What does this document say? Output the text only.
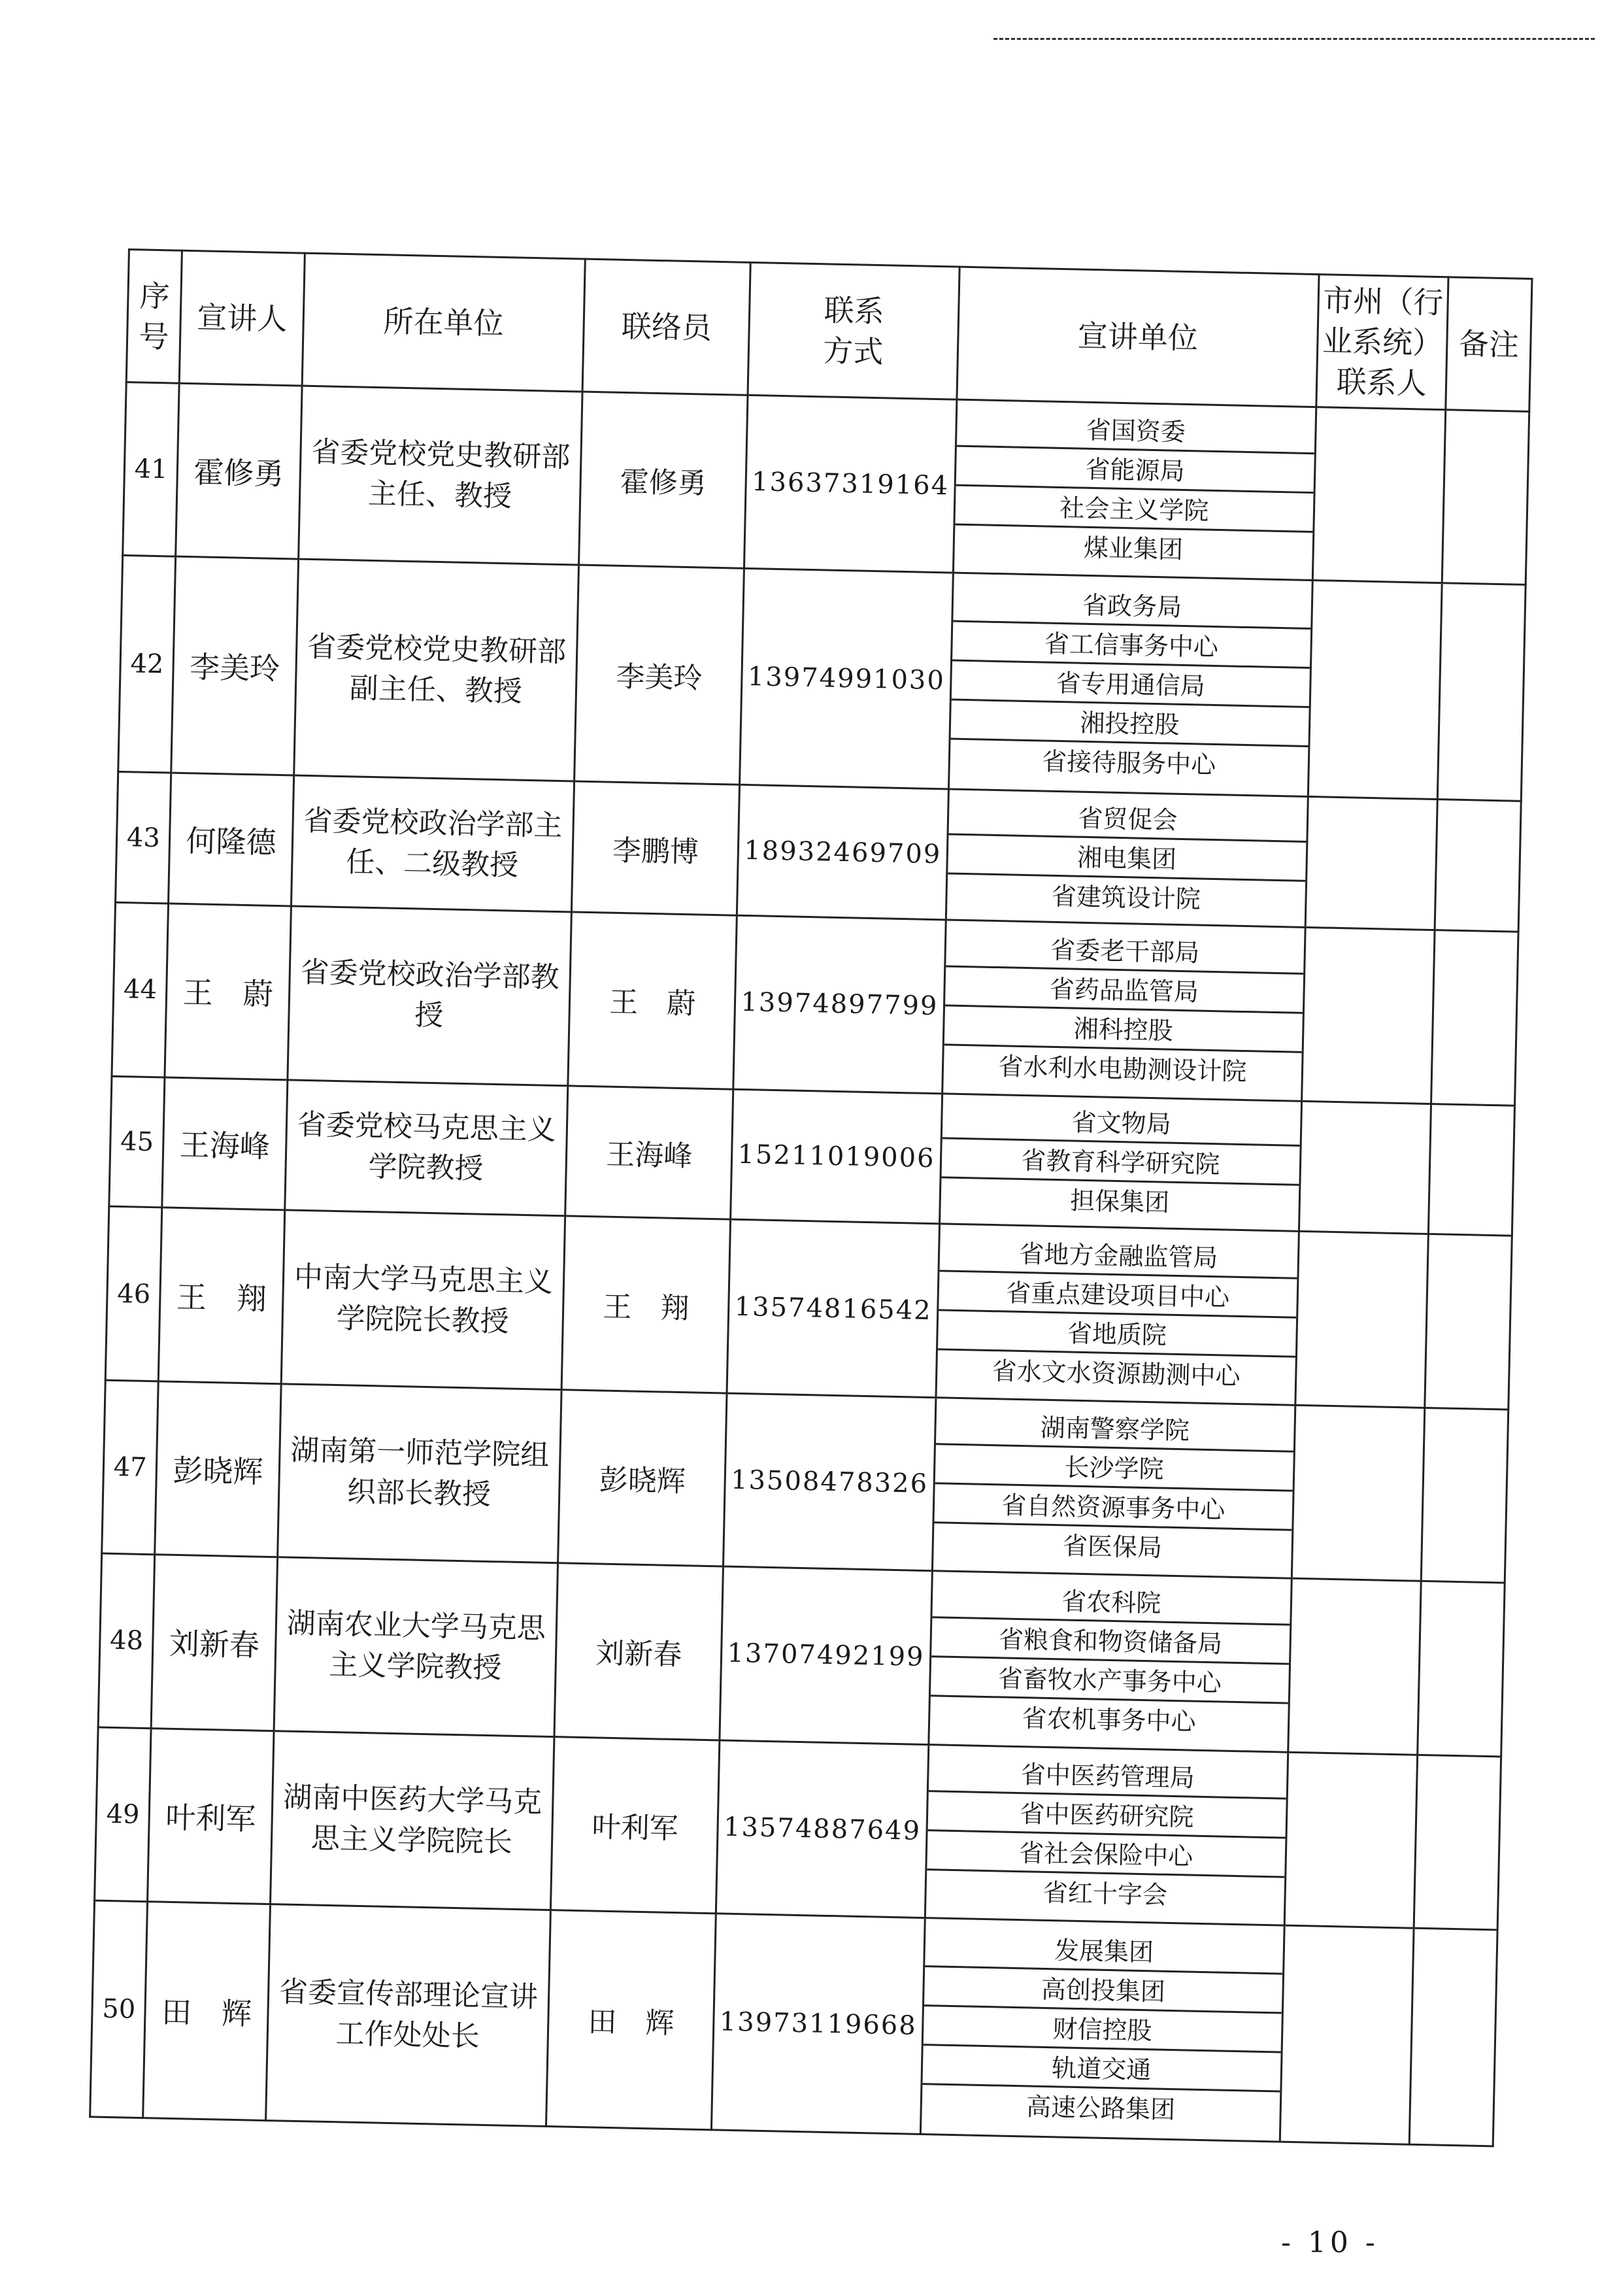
序
号	宣讲人	所在单位	联络员	联系
方式	宣讲单位	市州（行
业系统）
联系人	备注
41	霍修勇	省委党校党史教研部主任、教授	霍修勇	13637319164	省国资委
省能源局
社会主义学院
煤业集团		

42	李美玲	省委党校党史教研部副主任、教授	李美玲	13974991030	省政务局
省工信事务中心
省专用通信局
湘投控股
省接待服务中心		

43	何隆德	省委党校政治学部主任、二级教授	李鹏博	18932469709	省贸促会
湘电集团
省建筑设计院		

44	王　蔚	省委党校政治学部教授	王　蔚	13974897799	省委老干部局
省药品监管局
湘科控股
省水利水电勘测设计院		

45	王海峰	省委党校马克思主义学院教授	王海峰	15211019006	省文物局
省教育科学研究院
担保集团		

46	王　翔	中南大学马克思主义学院院长教授	王　翔	13574816542	省地方金融监管局
省重点建设项目中心
省地质院
省水文水资源勘测中心		

47	彭晓辉	湖南第一师范学院组织部长教授	彭晓辉	13508478326	湖南警察学院
长沙学院
省自然资源事务中心
省医保局		

48	刘新春	湖南农业大学马克思主义学院教授	刘新春	13707492199	省农科院
省粮食和物资储备局
省畜牧水产事务中心
省农机事务中心		

49	叶利军	湖南中医药大学马克思主义学院院长	叶利军	13574887649	省中医药管理局
省中医药研究院
省社会保险中心
省红十字会		

50	田　辉	省委宣传部理论宣讲工作处处长	田　辉	13973119668	发展集团
高创投集团
财信控股
轨道交通
高速公路集团		

- 10 -
